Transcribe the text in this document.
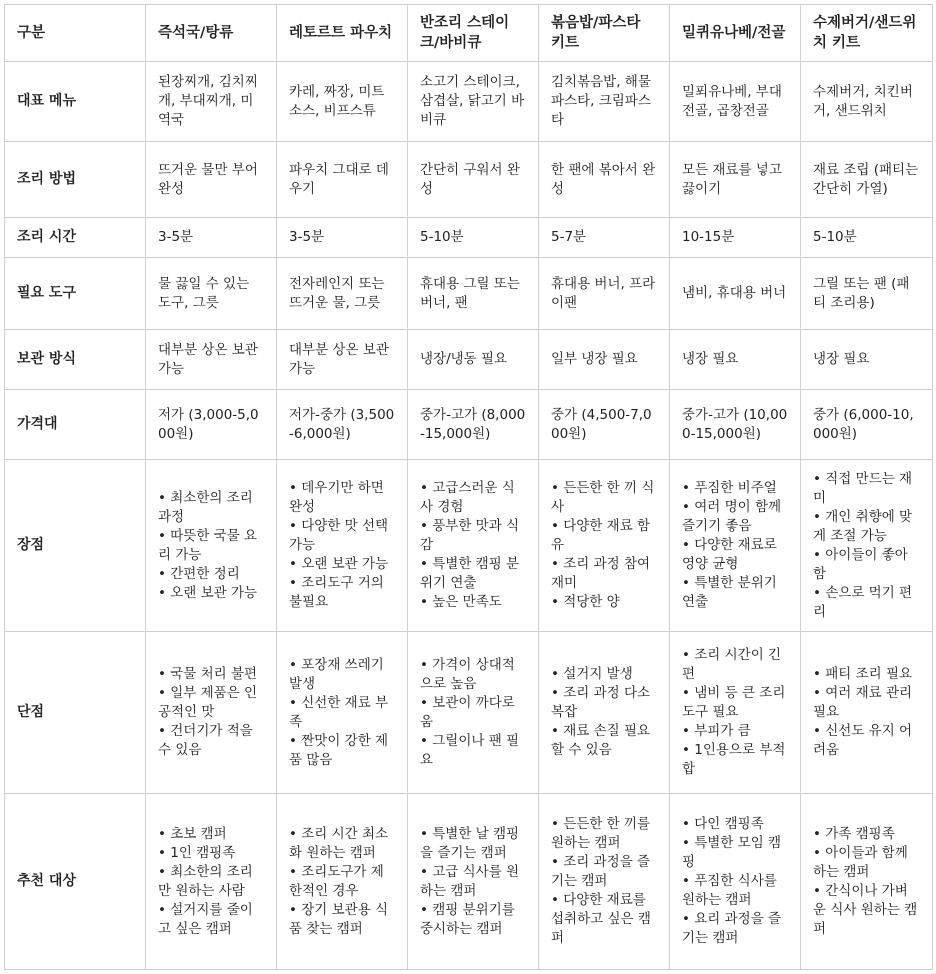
구분	즉석국/탕류	레토르트 파우치	반조리 스테이크/바비큐	볶음밥/파스타 키트	밀퀴유나베/전골	수제버거/샌드위치 키트
대표 메뉴	된장찌개, 김치찌개, 부대찌개, 미역국	카레, 짜장, 미트소스, 비프스튜	소고기 스테이크, 삼겹살, 닭고기 바비큐	김치볶음밥, 해물파스타, 크림파스타	밀푀유나베, 부대전골, 곱창전골	수제버거, 치킨버거, 샌드위치

조리 방법	뜨거운 물만 부어 완성	파우치 그대로 데우기	간단히 구워서 완성	한 팬에 볶아서 완성	모든 재료를 넣고 끓이기	재료 조립 (패티는 간단히 가열)

조리 시간	3-5분	3-5분	5-10분	5-7분	10-15분	5-10분

필요 도구	물 끓일 수 있는 도구, 그릇	전자레인지 또는 뜨거운 물, 그릇	휴대용 그릴 또는 버너, 팬	휴대용 버너, 프라이팬	냄비, 휴대용 버너	그릴 또는 팬 (패티 조리용)

보관 방식	대부분 상온 보관 가능	대부분 상온 보관 가능	냉장/냉동 필요	일부 냉장 필요	냉장 필요	냉장 필요

가격대	저가 (3,000-5,000원)	저가-중가 (3,500-6,000원)	중가-고가 (8,000-15,000원)	중가 (4,500-7,000원)	중가-고가 (10,000-15,000원)	중가 (6,000-10,000원)

장점	• 최소한의 조리 과정
• 따뜻한 국물 요리 가능
• 간편한 정리
• 오랜 보관 가능	• 데우기만 하면 완성
• 다양한 맛 선택 가능
• 오랜 보관 가능
• 조리도구 거의 불필요	• 고급스러운 식사 경험
• 풍부한 맛과 식감
• 특별한 캠핑 분위기 연출
• 높은 만족도	• 든든한 한 끼 식사
• 다양한 재료 함유
• 조리 과정 참여 재미
• 적당한 양	• 푸짐한 비주얼
• 여러 명이 함께 즐기기 좋음
• 다양한 재료로 영양 균형
• 특별한 분위기 연출	• 직접 만드는 재미
• 개인 취향에 맞게 조절 가능
• 아이들이 좋아함
• 손으로 먹기 편리

단점	• 국물 처리 불편
• 일부 제품은 인공적인 맛
• 건더기가 적을 수 있음	• 포장재 쓰레기 발생
• 신선한 재료 부족
• 짠맛이 강한 제품 많음	• 가격이 상대적으로 높음
• 보관이 까다로움
• 그릴이나 팬 필요	• 설거지 발생
• 조리 과정 다소 복잡
• 재료 손질 필요할 수 있음	• 조리 시간이 긴 편
• 냄비 등 큰 조리도구 필요
• 부피가 큼
• 1인용으로 부적합	• 패티 조리 필요
• 여러 재료 관리 필요
• 신선도 유지 어려움

추천 대상	• 초보 캠퍼
• 1인 캠핑족
• 최소한의 조리만 원하는 사람
• 설거지를 줄이고 싶은 캠퍼	• 조리 시간 최소화 원하는 캠퍼
• 조리도구가 제한적인 경우
• 장기 보관용 식품 찾는 캠퍼	• 특별한 날 캠핑을 즐기는 캠퍼
• 고급 식사를 원하는 캠퍼
• 캠핑 분위기를 중시하는 캠퍼	• 든든한 한 끼를 원하는 캠퍼
• 조리 과정을 즐기는 캠퍼
• 다양한 재료를 섭취하고 싶은 캠퍼	• 다인 캠핑족
• 특별한 모임 캠핑
• 푸짐한 식사를 원하는 캠퍼
• 요리 과정을 즐기는 캠퍼	• 가족 캠핑족
• 아이들과 함께하는 캠퍼
• 간식이나 가벼운 식사 원하는 캠퍼
